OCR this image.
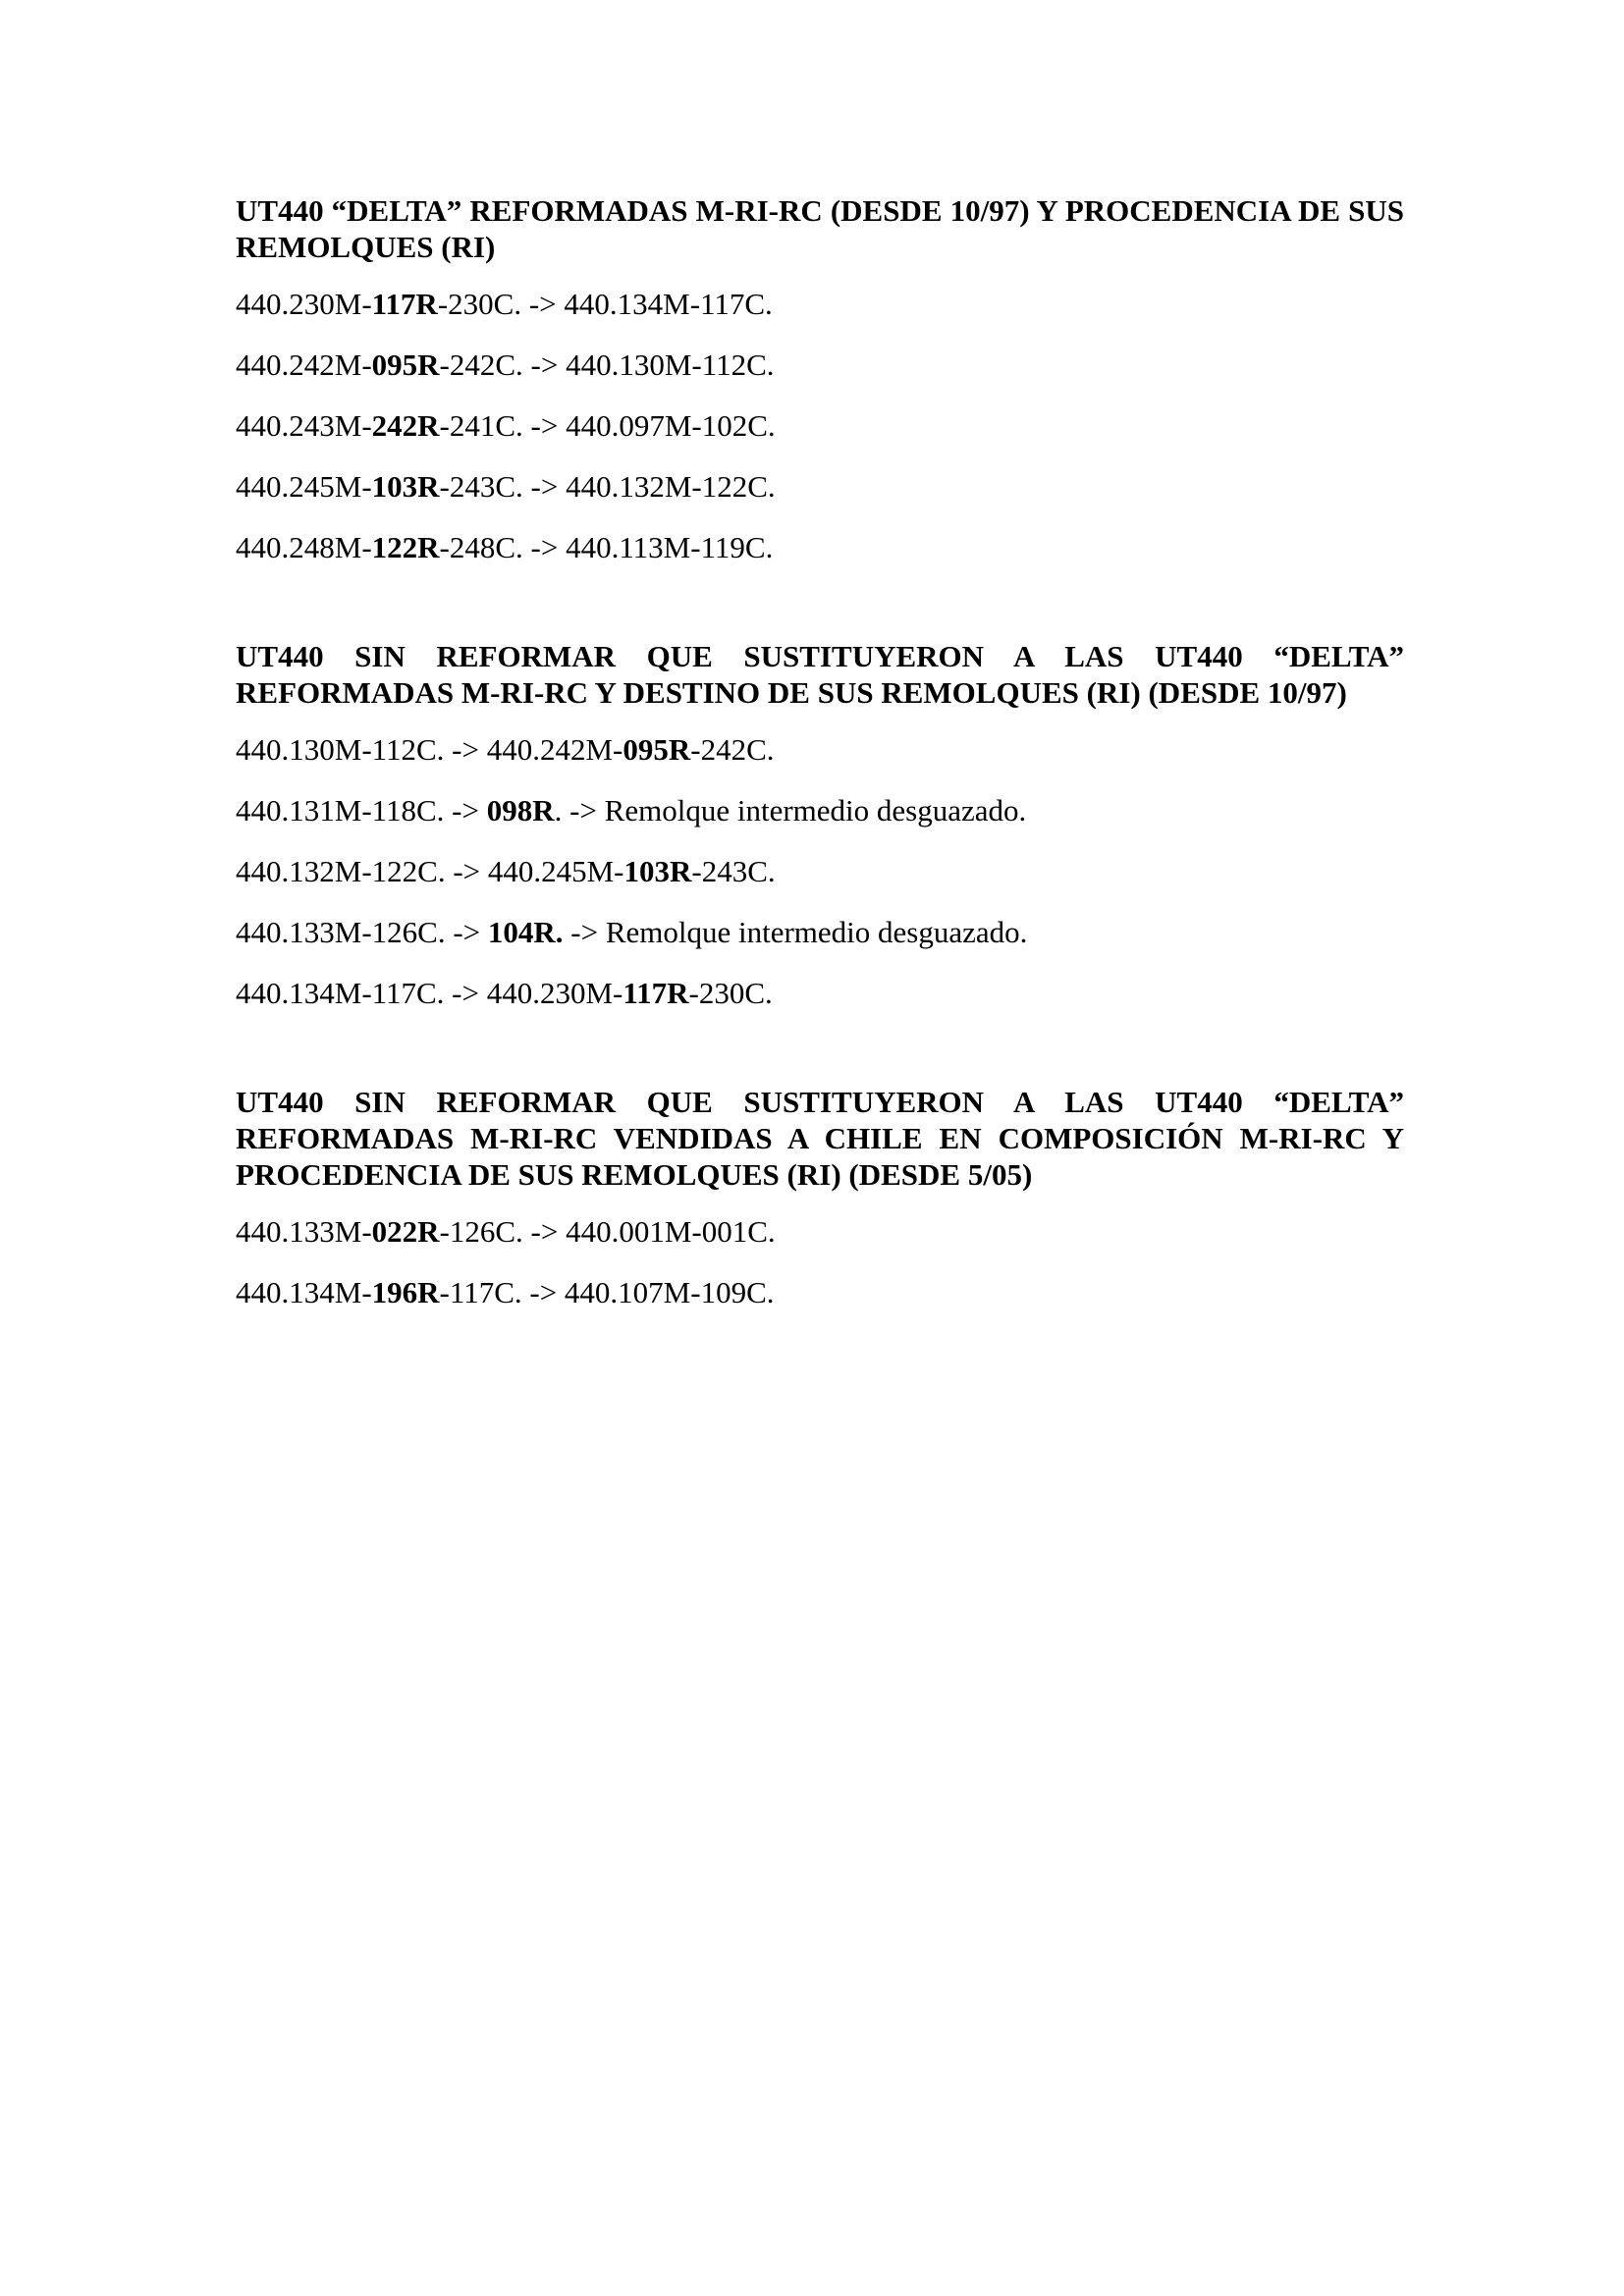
UT440 “DELTA” REFORMADAS M-RI-RC (DESDE 10/97) Y PROCEDENCIA DE SUS REMOLQUES (RI)

440.230M-117R-230C. -> 440.134M-117C.

440.242M-095R-242C. -> 440.130M-112C.

440.243M-242R-241C. -> 440.097M-102C.

440.245M-103R-243C. -> 440.132M-122C.

440.248M-122R-248C. -> 440.113M-119C.

UT440 SIN REFORMAR QUE SUSTITUYERON A LAS UT440 “DELTA” REFORMADAS M-RI-RC Y DESTINO DE SUS REMOLQUES (RI) (DESDE 10/97)

440.130M-112C. -> 440.242M-095R-242C.

440.131M-118C. -> 098R. -> Remolque intermedio desguazado.

440.132M-122C. -> 440.245M-103R-243C.

440.133M-126C. -> 104R. -> Remolque intermedio desguazado.

440.134M-117C. -> 440.230M-117R-230C.

UT440 SIN REFORMAR QUE SUSTITUYERON A LAS UT440 “DELTA” REFORMADAS M-RI-RC VENDIDAS A CHILE EN COMPOSICIÓN M-RI-RC Y PROCEDENCIA DE SUS REMOLQUES (RI) (DESDE 5/05)

440.133M-022R-126C. -> 440.001M-001C.

440.134M-196R-117C. -> 440.107M-109C.
